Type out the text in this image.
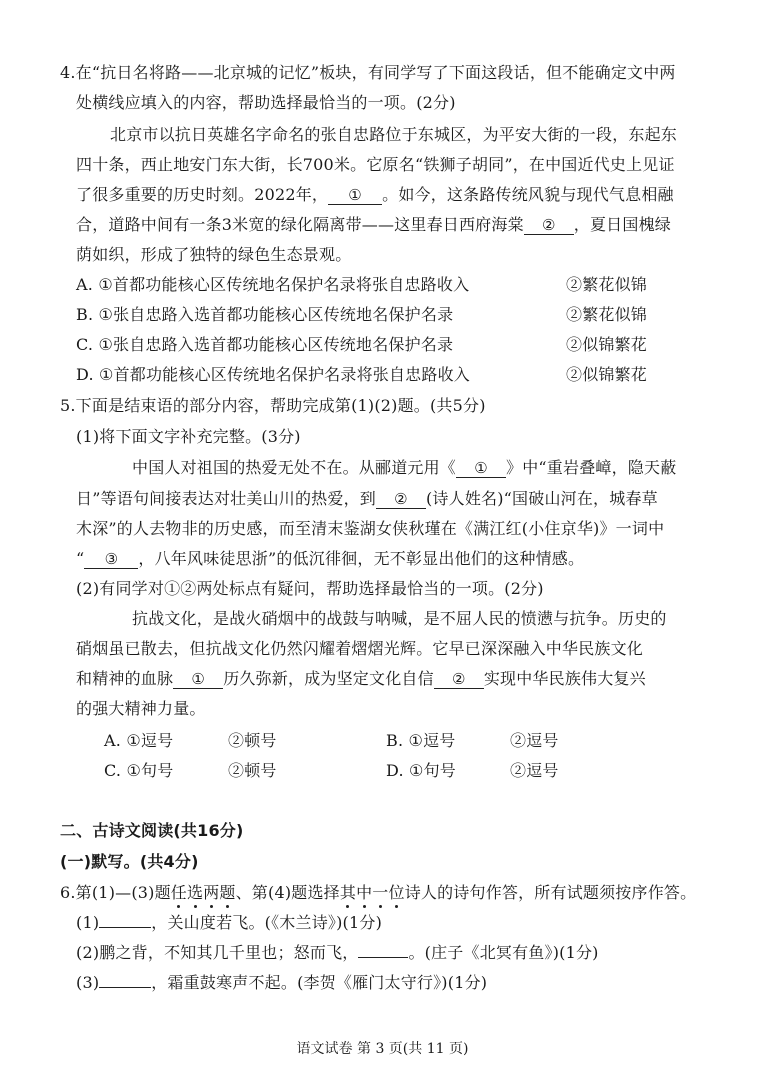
4.在“抗日名将路——北京城的记忆”板块，有同学写了下面这段话，但不能确定文中两
处横线应填入的内容，帮助选择最恰当的一项。(2分)
北京市以抗日英雄名字命名的张自忠路位于东城区，为平安大街的一段，东起东
四十条，西止地安门东大街，长700米。它原名“铁狮子胡同”，在中国近代史上见证
了很多重要的历史时刻。2022年， ① 。如今，这条路传统风貌与现代气息相融
合，道路中间有一条3米宽的绿化隔离带——这里春日西府海棠 ② ，夏日国槐绿
荫如织，形成了独特的绿色生态景观。
A. ①首都功能核心区传统地名保护名录将张自忠路收入	②繁花似锦
B. ①张自忠路入选首都功能核心区传统地名保护名录	②繁花似锦
C. ①张自忠路入选首都功能核心区传统地名保护名录	②似锦繁花
D. ①首都功能核心区传统地名保护名录将张自忠路收入	②似锦繁花
5.下面是结束语的部分内容，帮助完成第(1)(2)题。(共5分)
(1)将下面文字补充完整。(3分)
中国人对祖国的热爱无处不在。从郦道元用《 ① 》中“重岩叠嶂，隐天蔽
日”等语句间接表达对壮美山川的热爱，到 ② (诗人姓名)“国破山河在，城春草
木深”的人去物非的历史感，而至清末鉴湖女侠秋瑾在《满江红(小住京华)》一词中
“ ③ ，八年风味徒思浙”的低沉徘徊，无不彰显出他们的这种情感。
(2)有同学对①②两处标点有疑问，帮助选择最恰当的一项。(2分)
抗战文化，是战火硝烟中的战鼓与呐喊，是不屈人民的愤懑与抗争。历史的
硝烟虽已散去，但抗战文化仍然闪耀着熠熠光辉。它早已深深融入中华民族文化
和精神的血脉 ① 历久弥新，成为坚定文化自信 ② 实现中华民族伟大复兴
的强大精神力量。
A. ①逗号	②顿号	B. ①逗号	②逗号
C. ①句号	②顿号	D. ①句号	②逗号
二、古诗文阅读(共16分)
(一)默写。(共4分)
6.第(1)—(3)题任选两题、第(4)题选择其中一位诗人的诗句作答，所有试题须按序作答。
(1)	，关山度若飞。(《木兰诗》)(1分)
(2)鹏之背，不知其几千里也；怒而飞，	。(庄子《北冥有鱼》)(1分)
(3)	，霜重鼓寒声不起。(李贺《雁门太守行》)(1分)
语文试卷 第 3 页(共 11 页)
